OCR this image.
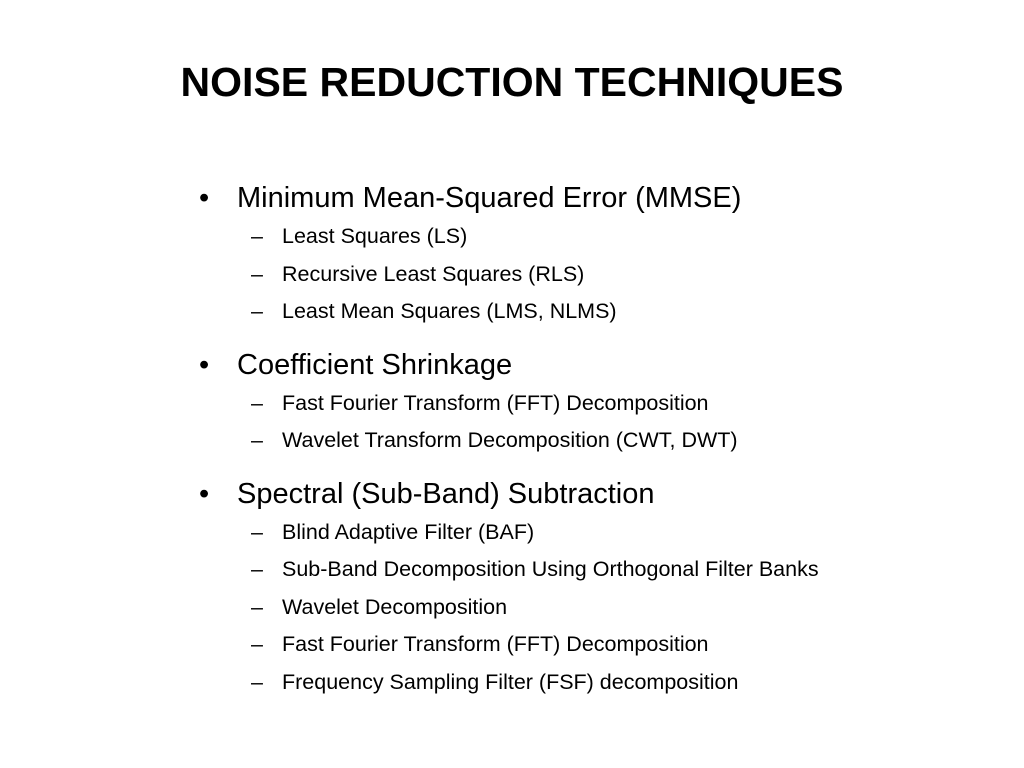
NOISE REDUCTION TECHNIQUES
• Minimum Mean-Squared Error (MMSE)
– Least Squares (LS)
– Recursive Least Squares (RLS)
– Least Mean Squares (LMS, NLMS)
• Coefficient Shrinkage
– Fast Fourier Transform (FFT) Decomposition
– Wavelet Transform Decomposition (CWT, DWT)
• Spectral (Sub-Band) Subtraction
– Blind Adaptive Filter (BAF)
– Sub-Band Decomposition Using Orthogonal Filter Banks
– Wavelet Decomposition
– Fast Fourier Transform (FFT) Decomposition
– Frequency Sampling Filter (FSF) decomposition
